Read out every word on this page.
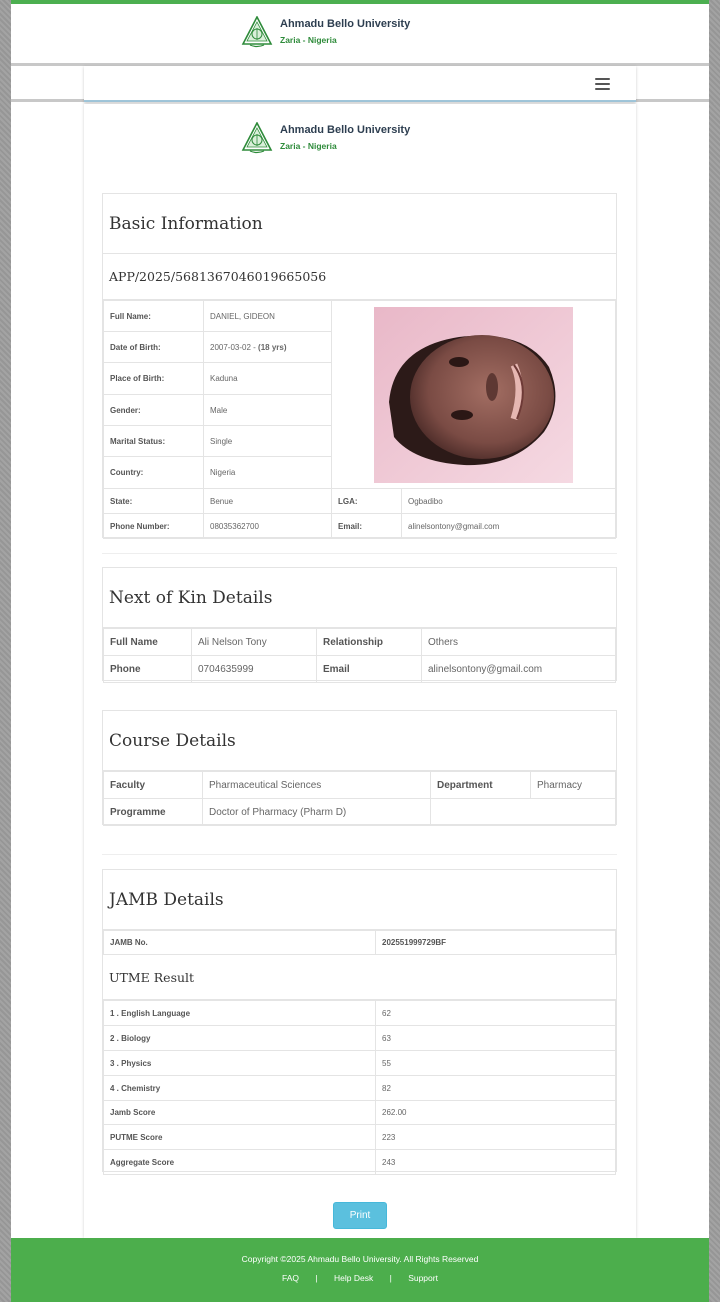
Ahmadu Bello University
Zaria - Nigeria
Ahmadu Bello University
Zaria - Nigeria
Basic Information
APP/2025/5681367046019665056
Full Name:	DANIEL, GIDEON	

Date of Birth:	2007-03-02 - (18 yrs)		
Place of Birth:	Kaduna		
Gender:	Male		
Marital Status:	Single		
Country:	Nigeria		
State:	Benue	LGA:	Ogbadibo
Phone Number:	08035362700	Email:	alinelsontony@gmail.com
Next of Kin Details
Full Name	Ali Nelson Tony	Relationship	Others
Phone	0704635999	Email	alinelsontony@gmail.com
Course Details
Faculty	Pharmaceutical Sciences	Department	Pharmacy
Programme	Doctor of Pharmacy (Pharm D)		
JAMB Details
JAMB No.	202551999729BF
UTME Result
1 . English Language	62
2 . Biology	63
3 . Physics	55
4 . Chemistry	82
Jamb Score	262.00
PUTME Score	223
Aggregate Score	243
Print
Copyright ©2025 Ahmadu Bello University. All Rights Reserved
FAQ | Help Desk | Support
